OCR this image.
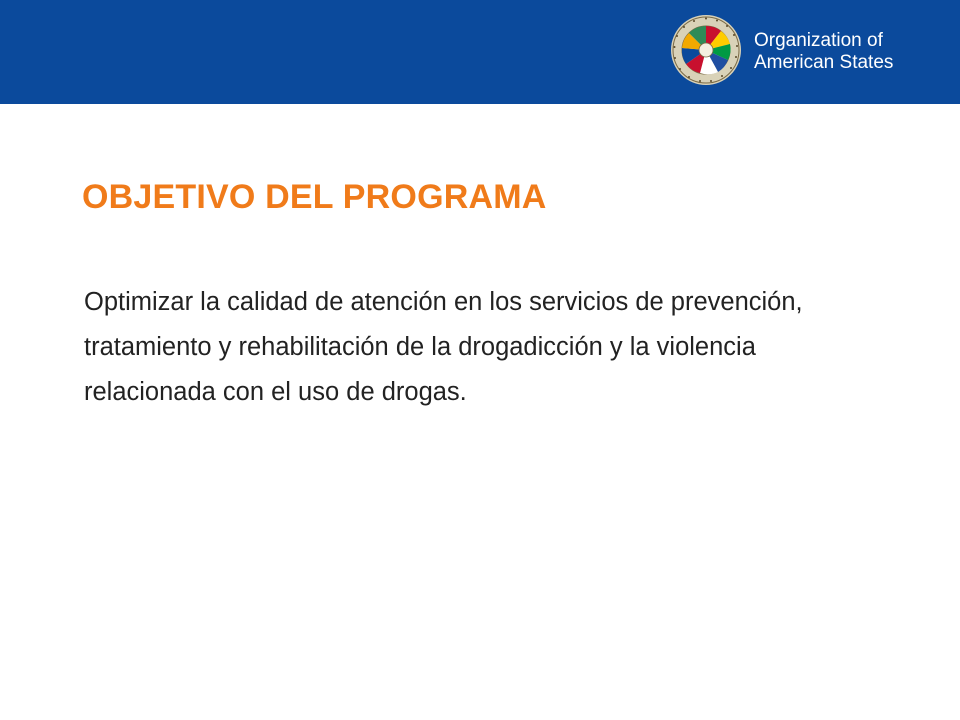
Organization of
American States
OBJETIVO DEL PROGRAMA

Optimizar la calidad de atención en los servicios de prevención, tratamiento y rehabilitación de la drogadicción y la violencia relacionada con el uso de drogas.
